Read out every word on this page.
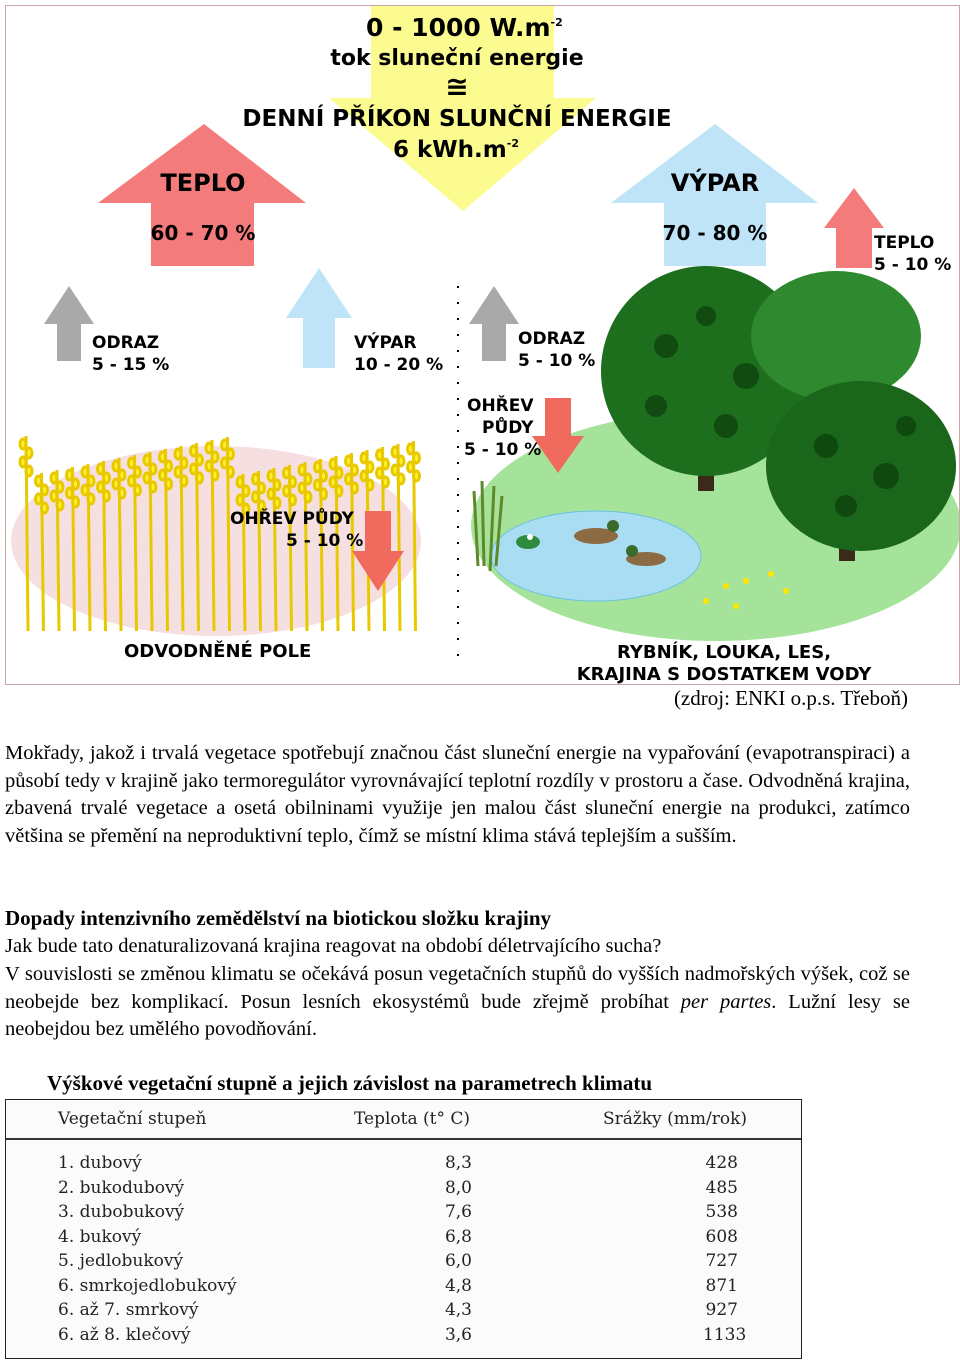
0 - 1000 $W.m^{-2}$
tok sluneční energie
≅
DENNÍ PŘÍKON SLUNČNÍ ENERGIE
6 $kWh.m^{-2}$
TEPLO
60 - 70 %
VÝPAR
70 - 80 %	TEPLO
5 - 10 %
ODRAZ
5 - 15 %
VÝPAR
10 - 20 %
ODRAZ
5 - 10 %
OHŘEV
PŮDY
5 - 10 %
OHŘEV PŮDY
5 - 10 %
ODVODNĚNÉ POLE	RYBNÍK, LOUKA, LES,
KRAJINA S DOSTATKEM VODY
(zdroj: ENKI o.p.s. Třeboň)

Mokřady, jakož i trvalá vegetace spotřebují značnou část sluneční energie na vypařování (evapotranspiraci) a působí tedy v krajině jako termoregulátor vyrovnávající teplotní rozdíly v prostoru a čase. Odvodněná krajina, zbavená trvalé vegetace a osetá obilninami využije jen malou část sluneční energie na produkci, zatímco většina se přemění na neproduktivní teplo, čímž se místní klima stává teplejším a sušším.

Dopady intenzivního zemědělství na biotickou složku krajiny

Jak bude tato denaturalizovaná krajina reagovat na období déletrvajícího sucha?

V souvislosti se změnou klimatu se očekává posun vegetačních stupňů do vyšších nadmořských výšek, což se neobejde bez komplikací. Posun lesních ekosystémů bude zřejmě probíhat per partes. Lužní lesy se neobejdou bez umělého povodňování.

Výškové vegetační stupně a jejich závislost na parametrech klimatu
Vegetační stupeň	Teplota (t° C)	Srážky (mm/rok)
1. dubový	8,3	428
2. bukodubový	8,0	485
3. dubobukový	7,6	538
4. bukový	6,8	608
5. jedlobukový	6,0	727
6. smrkojedlobukový	4,8	871
6. až 7. smrkový	4,3	927
6. až 8. klečový	3,6	1133
